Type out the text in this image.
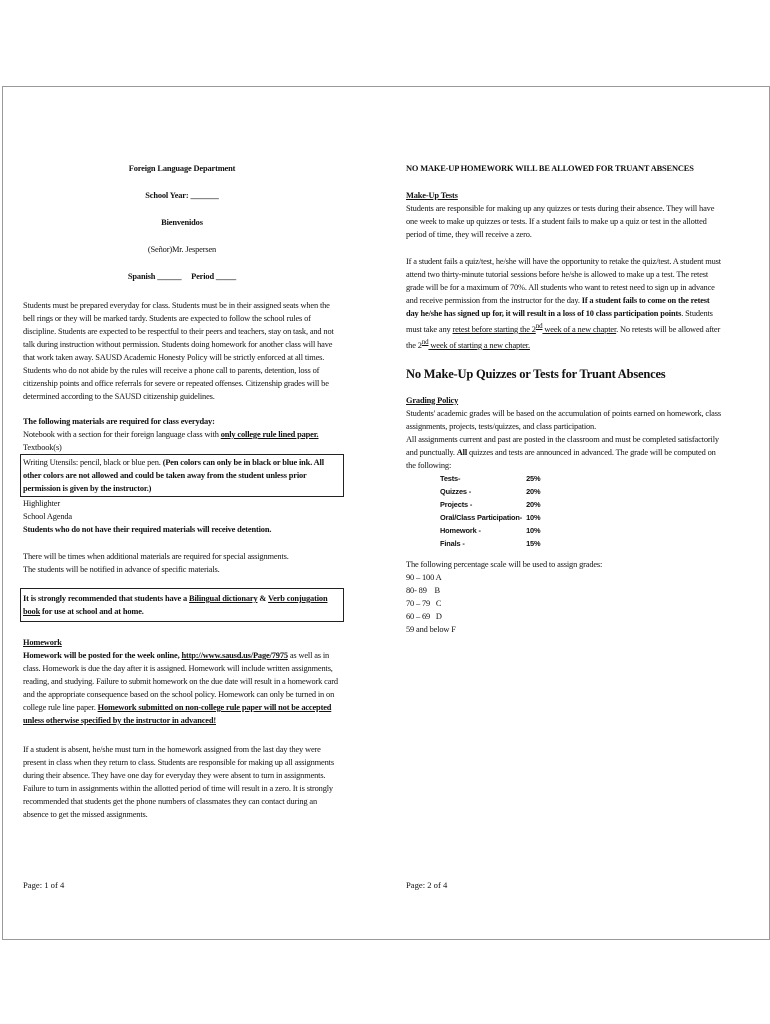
Foreign Language Department

School Year: _______

Bienvenidos

(Señor)Mr. Jespersen

Spanish ______     Period _____

Students must be prepared everyday for class. Students must be in their assigned seats when the bell rings or they will be marked tardy. Students are expected to follow the school rules of discipline. Students are expected to be respectful to their peers and teachers, stay on task, and not talk during instruction without permission. Students doing homework for another class will have that work taken away. SAUSD Academic Honesty Policy will be strictly enforced at all times. Students who do not abide by the rules will receive a phone call to parents, detention, loss of citizenship points and office referrals for severe or repeated offenses. Citizenship grades will be determined according to the SAUSD citizenship guidelines.

The following materials are required for class everyday:

Notebook with a section for their foreign language class with only college rule lined paper.

Textbook(s)

Writing Utensils: pencil, black or blue pen. (Pen colors can only be in black or blue ink. All other colors are not allowed and could be taken away from the student unless prior permission is given by the instructor.)

Highlighter

School Agenda

Students who do not have their required materials will receive detention.

There will be times when additional materials are required for special assignments.

The students will be notified in advance of specific materials.

It is strongly recommended that students have a Bilingual dictionary & Verb conjugation book for use at school and at home.

Homework

Homework will be posted for the week online, http://www.sausd.us/Page/7975 as well as in class. Homework is due the day after it is assigned. Homework will include written assignments, reading, and studying. Failure to submit homework on the due date will result in a homework card and the appropriate consequence based on the school policy. Homework can only be turned in on college rule line paper. Homework submitted on non-college rule paper will not be accepted unless otherwise specified by the instructor in advanced!

If a student is absent, he/she must turn in the homework assigned from the last day they were present in class when they return to class. Students are responsible for making up all assignments during their absence. They have one day for everyday they were absent to turn in assignments. Failure to turn in assignments within the allotted period of time will result in a zero. It is strongly recommended that students get the phone numbers of classmates they can contact during an absence to get the missed assignments.

NO MAKE-UP HOMEWORK WILL BE ALLOWED FOR TRUANT ABSENCES

Make-Up Tests

Students are responsible for making up any quizzes or tests during their absence. They will have one week to make up quizzes or tests. If a student fails to make up a quiz or test in the allotted period of time, they will receive a zero.

If a student fails a quiz/test, he/she will have the opportunity to retake the quiz/test. A student must attend two thirty-minute tutorial sessions before he/she is allowed to make up a test. The retest grade will be for a maximum of 70%. All students who want to retest need to sign up in advance and receive permission from the instructor for the day. If a student fails to come on the retest day he/she has signed up for, it will result in a loss of 10 class participation points. Students must take any retest before starting the 2nd week of a new chapter. No retests will be allowed after the 2nd week of starting a new chapter.

No Make-Up Quizzes or Tests for Truant Absences

Grading Policy

Students' academic grades will be based on the accumulation of points earned on homework, class assignments, projects, tests/quizzes, and class participation.

All assignments current and past are posted in the classroom and must be completed satisfactorily and punctually. All quizzes and tests are announced in advanced. The grade will be computed on the following:

Tests-	25%
Quizzes -	20%
Projects -	20%
Oral/Class Participation-	10%
Homework -	10%
Finals -	15%

The following percentage scale will be used to assign grades:

90 – 100 A

80- 89    B

70 – 79   C

60 – 69   D

59 and below F

Page: 1 of 4	Page: 2 of 4
